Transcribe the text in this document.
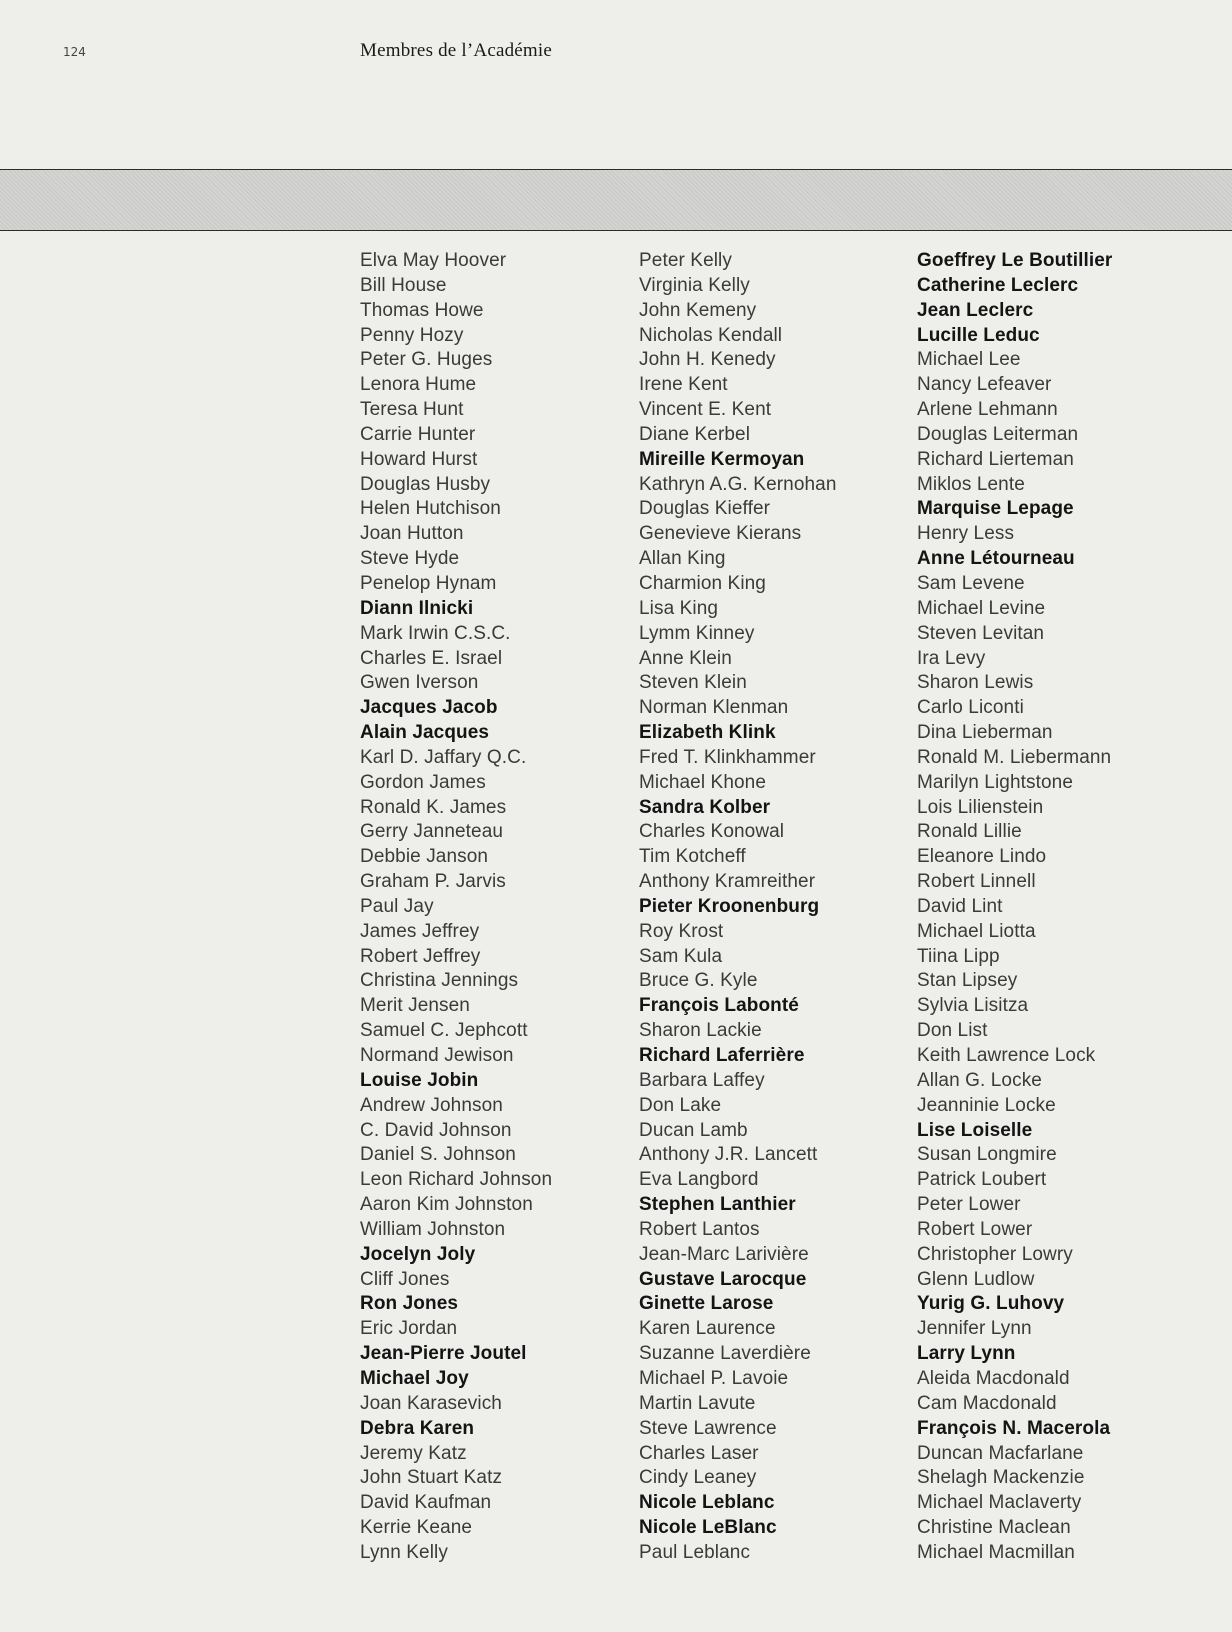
124	Membres de l’Académie
Elva May Hoover
Bill House
Thomas Howe
Penny Hozy
Peter G. Huges
Lenora Hume
Teresa Hunt
Carrie Hunter
Howard Hurst
Douglas Husby
Helen Hutchison
Joan Hutton
Steve Hyde
Penelop Hynam
Diann Ilnicki
Mark Irwin C.S.C.
Charles E. Israel
Gwen Iverson
Jacques Jacob
Alain Jacques
Karl D. Jaffary Q.C.
Gordon James
Ronald K. James
Gerry Janneteau
Debbie Janson
Graham P. Jarvis
Paul Jay
James Jeffrey
Robert Jeffrey
Christina Jennings
Merit Jensen
Samuel C. Jephcott
Normand Jewison
Louise Jobin
Andrew Johnson
C. David Johnson
Daniel S. Johnson
Leon Richard Johnson
Aaron Kim Johnston
William Johnston
Jocelyn Joly
Cliff Jones
Ron Jones
Eric Jordan
Jean-Pierre Joutel
Michael Joy
Joan Karasevich
Debra Karen
Jeremy Katz
John Stuart Katz
David Kaufman
Kerrie Keane
Lynn Kelly
Peter Kelly
Virginia Kelly
John Kemeny
Nicholas Kendall
John H. Kenedy
Irene Kent
Vincent E. Kent
Diane Kerbel
Mireille Kermoyan
Kathryn A.G. Kernohan
Douglas Kieffer
Genevieve Kierans
Allan King
Charmion King
Lisa King
Lymm Kinney
Anne Klein
Steven Klein
Norman Klenman
Elizabeth Klink
Fred T. Klinkhammer
Michael Khone
Sandra Kolber
Charles Konowal
Tim Kotcheff
Anthony Kramreither
Pieter Kroonenburg
Roy Krost
Sam Kula
Bruce G. Kyle
François Labonté
Sharon Lackie
Richard Laferrière
Barbara Laffey
Don Lake
Ducan Lamb
Anthony J.R. Lancett
Eva Langbord
Stephen Lanthier
Robert Lantos
Jean-Marc Larivière
Gustave Larocque
Ginette Larose
Karen Laurence
Suzanne Laverdière
Michael P. Lavoie
Martin Lavute
Steve Lawrence
Charles Laser
Cindy Leaney
Nicole Leblanc
Nicole LeBlanc
Paul Leblanc
Goeffrey Le Boutillier
Catherine Leclerc
Jean Leclerc
Lucille Leduc
Michael Lee
Nancy Lefeaver
Arlene Lehmann
Douglas Leiterman
Richard Lierteman
Miklos Lente
Marquise Lepage
Henry Less
Anne Létourneau
Sam Levene
Michael Levine
Steven Levitan
Ira Levy
Sharon Lewis
Carlo Liconti
Dina Lieberman
Ronald M. Liebermann
Marilyn Lightstone
Lois Lilienstein
Ronald Lillie
Eleanore Lindo
Robert Linnell
David Lint
Michael Liotta
Tiina Lipp
Stan Lipsey
Sylvia Lisitza
Don List
Keith Lawrence Lock
Allan G. Locke
Jeanninie Locke
Lise Loiselle
Susan Longmire
Patrick Loubert
Peter Lower
Robert Lower
Christopher Lowry
Glenn Ludlow
Yurig G. Luhovy
Jennifer Lynn
Larry Lynn
Aleida Macdonald
Cam Macdonald
François N. Macerola
Duncan Macfarlane
Shelagh Mackenzie
Michael Maclaverty
Christine Maclean
Michael Macmillan
